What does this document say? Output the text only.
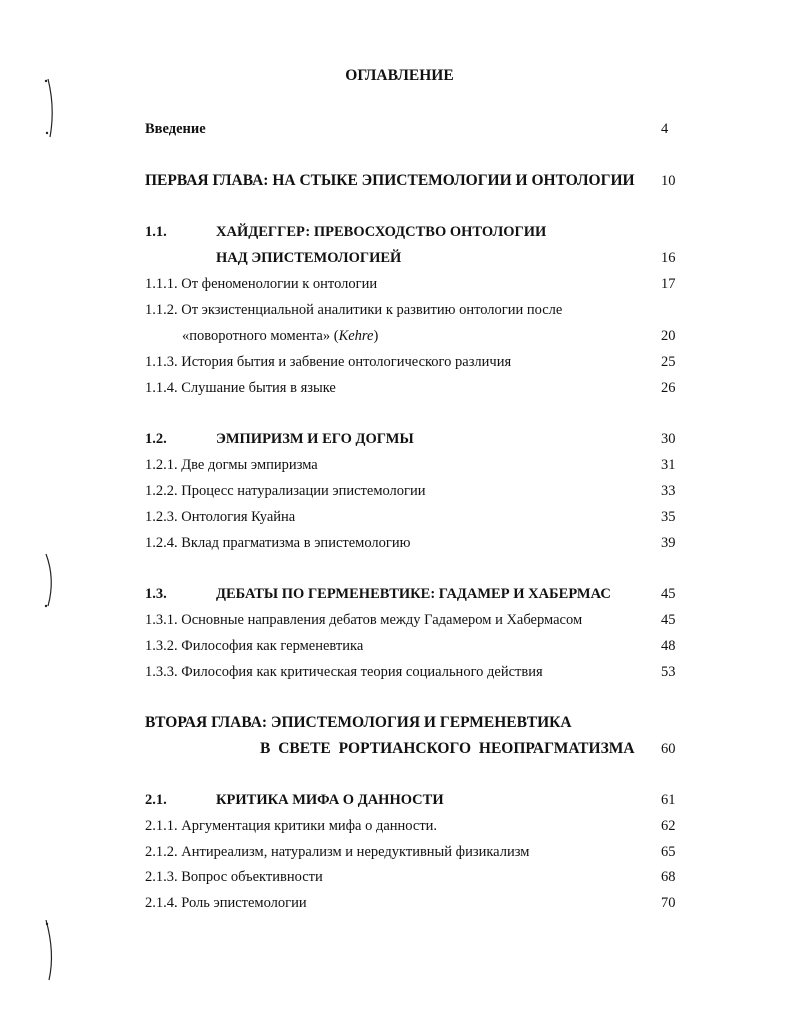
ОГЛАВЛЕНИЕ
Введение	4
ПЕРВАЯ ГЛАВА: НА СТЫКЕ ЭПИСТЕМОЛОГИИ И ОНТОЛОГИИ 10
1.1.	ХАЙДЕГГЕР: ПРЕВОСХОДСТВО ОНТОЛОГИИ
НАД ЭПИСТЕМОЛОГИЕЙ	16
1.1.1. От феноменологии к онтологии	17
1.1.2. От экзистенциальной аналитики к развитию онтологии после
«поворотного момента» (Kehre)	20
1.1.3. История бытия и забвение онтологического различия	25
1.1.4. Слушание бытия в языке	26
1.2.	ЭМПИРИЗМ И ЕГО ДОГМЫ	30
1.2.1. Две догмы эмпиризма	31
1.2.2. Процесс натурализации эпистемологии	33
1.2.3. Онтология Куайна	35
1.2.4. Вклад прагматизма в эпистемологию	39
1.3.	ДЕБАТЫ ПО ГЕРМЕНЕВТИКЕ: ГАДАМЕР И ХАБЕРМАС	45
1.3.1. Основные направления дебатов между Гадамером и Хабермасом	45
1.3.2. Философия как герменевтика	48
1.3.3. Философия как критическая теория социального действия	53
ВТОРАЯ ГЛАВА: ЭПИСТЕМОЛОГИЯ И ГЕРМЕНЕВТИКА
В СВЕТЕ РОРТИАНСКОГО НЕОПРАГМАТИЗМА 60
2.1.	КРИТИКА МИФА О ДАННОСТИ	61
2.1.1. Аргументация критики мифа о данности.	62
2.1.2. Антиреализм, натурализм и нередуктивный физикализм	65
2.1.3. Вопрос объективности	68
2.1.4. Роль эпистемологии	70
